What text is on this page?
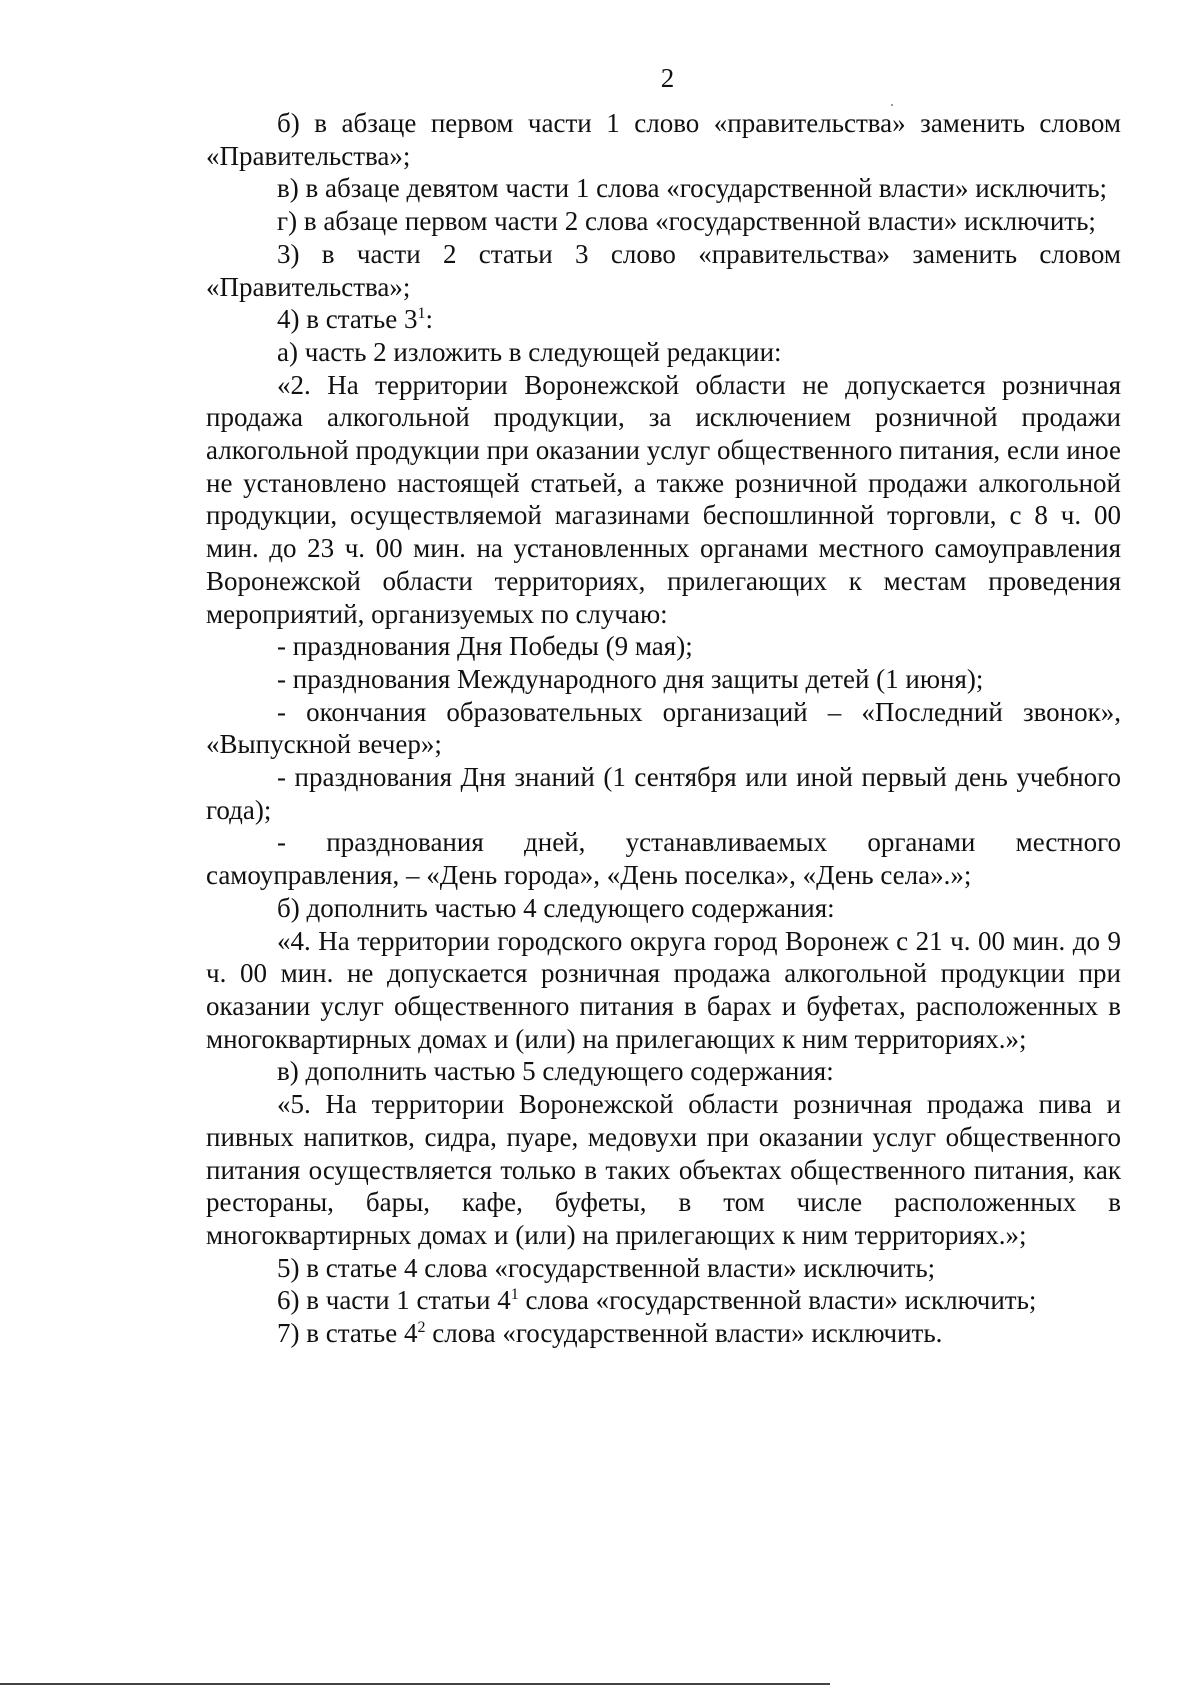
2

б) в абзаце первом части 1 слово «правительства» заменить словом «Правительства»;

в) в абзаце девятом части 1 слова «государственной власти» исключить;

г) в абзаце первом части 2 слова «государственной власти» исключить;

3) в части 2 статьи 3 слово «правительства» заменить словом «Правительства»;

4) в статье $3^1$:

а) часть 2 изложить в следующей редакции:

«2. На территории Воронежской области не допускается розничная продажа алкогольной продукции, за исключением розничной продажи алкогольной продукции при оказании услуг общественного питания, если иное не установлено настоящей статьей, а также розничной продажи алкогольной продукции, осуществляемой магазинами беспошлинной торговли, с 8 ч. 00 мин. до 23 ч. 00 мин. на установленных органами местного самоуправления Воронежской области территориях, прилегающих к местам проведения мероприятий, организуемых по случаю:

- празднования Дня Победы (9 мая);

- празднования Международного дня защиты детей (1 июня);

- окончания образовательных организаций – «Последний звонок», «Выпускной вечер»;

- празднования Дня знаний (1 сентября или иной первый день учебного года);

- празднования дней, устанавливаемых органами местного самоуправления, – «День города», «День поселка», «День села».»;

б) дополнить частью 4 следующего содержания:

«4. На территории городского округа город Воронеж с 21 ч. 00 мин. до 9 ч. 00 мин. не допускается розничная продажа алкогольной продукции при оказании услуг общественного питания в барах и буфетах, расположенных в многоквартирных домах и (или) на прилегающих к ним территориях.»;

в) дополнить частью 5 следующего содержания:

«5. На территории Воронежской области розничная продажа пива и пивных напитков, сидра, пуаре, медовухи при оказании услуг общественного питания осуществляется только в таких объектах общественного питания, как рестораны, бары, кафе, буфеты, в том числе расположенных в многоквартирных домах и (или) на прилегающих к ним территориях.»;

5) в статье 4 слова «государственной власти» исключить;

6) в части 1 статьи $4^1$ слова «государственной власти» исключить;

7) в статье $4^2$ слова «государственной власти» исключить.
